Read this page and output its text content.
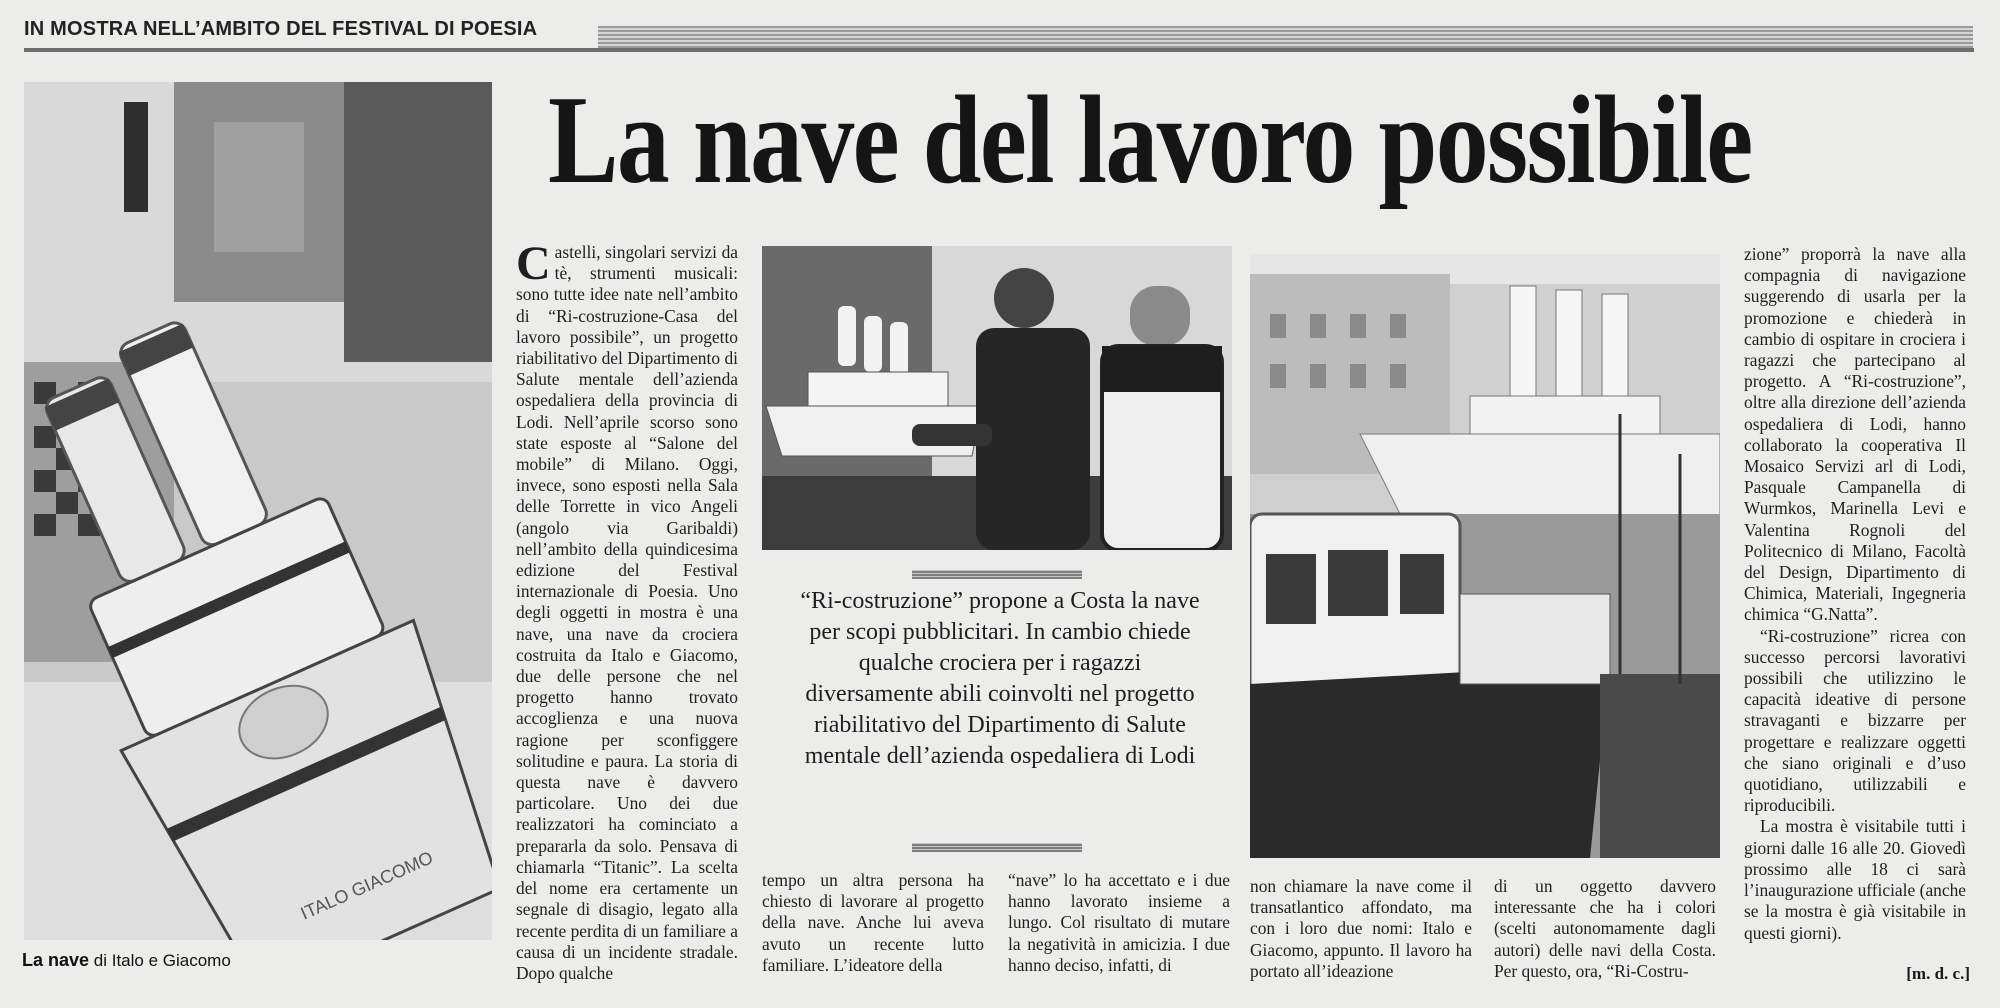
IN MOSTRA NELL’AMBITO DEL FESTIVAL DI POESIA
La nave del lavoro possibile
ITALO GIACOMO
La nave di Italo e Giacomo

Castelli, singolari servizi da tè, strumenti musicali: sono tutte idee nate nell’ambito di “Ri-costruzione-Casa del lavoro possibile”, un progetto riabilitativo del Dipartimento di Salute mentale dell’azienda ospedaliera della provincia di Lodi. Nell’aprile scorso sono state esposte al “Salone del mobile” di Milano. Oggi, invece, sono esposti nella Sala delle Torrette in vico Angeli (angolo via Garibaldi) nell’ambito della quindicesima edizione del Festival internazionale di Poesia. Uno degli oggetti in mostra è una nave, una nave da crociera costruita da Italo e Giacomo, due delle persone che nel progetto hanno trovato accoglienza e una nuova ragione per sconfiggere solitudine e paura. La storia di questa nave è davvero particolare. Uno dei due realizzatori ha cominciato a prepararla da solo. Pensava di chiamarla “Titanic”. La scelta del nome era certamente un segnale di disagio, legato alla recente perdita di un familiare a causa di un incidente stradale. Dopo qualche

“Ri-costruzione” propone a Costa la nave per scopi pubblicitari. In cambio chiede qualche crociera per i ragazzi diversamente abili coinvolti nel progetto riabilitativo del Dipartimento di Salute mentale dell’azienda ospedaliera di Lodi
tempo un altra persona ha chiesto di lavorare al progetto della nave. Anche lui aveva avuto un recente lutto familiare. L’ideatore della
“nave” lo ha accettato e i due hanno lavorato insieme a lungo. Col risultato di mutare la negatività in amicizia. I due hanno deciso, infatti, di
non chiamare la nave come il transatlantico affondato, ma con i loro due nomi: Italo e Giacomo, appunto. Il lavoro ha portato all’ideazione
di un oggetto davvero interessante che ha i colori (scelti autonomamente dagli autori) delle navi della Costa. Per questo, ora, “Ri-Costru-

zione” proporrà la nave alla compagnia di navigazione suggerendo di usarla per la promozione e chiederà in cambio di ospitare in crociera i ragazzi che partecipano al progetto. A “Ri-costruzione”, oltre alla direzione dell’azienda ospedaliera di Lodi, hanno collaborato la cooperativa Il Mosaico Servizi arl di Lodi, Pasquale Campanella di Wurmkos, Marinella Levi e Valentina Rognoli del Politecnico di Milano, Facoltà del Design, Dipartimento di Chimica, Materiali, Ingegneria chimica “G.Natta”.

“Ri-costruzione” ricrea con successo percorsi lavorativi possibili che utilizzino le capacità ideative di persone stravaganti e bizzarre per progettare e realizzare oggetti che siano originali e d’uso quotidiano, utilizzabili e riproducibili.

La mostra è visitabile tutti i giorni dalle 16 alle 20. Giovedì prossimo alle 18 ci sarà l’inaugurazione ufficiale (anche se la mostra è già visitabile in questi giorni).

[m. d. c.]
